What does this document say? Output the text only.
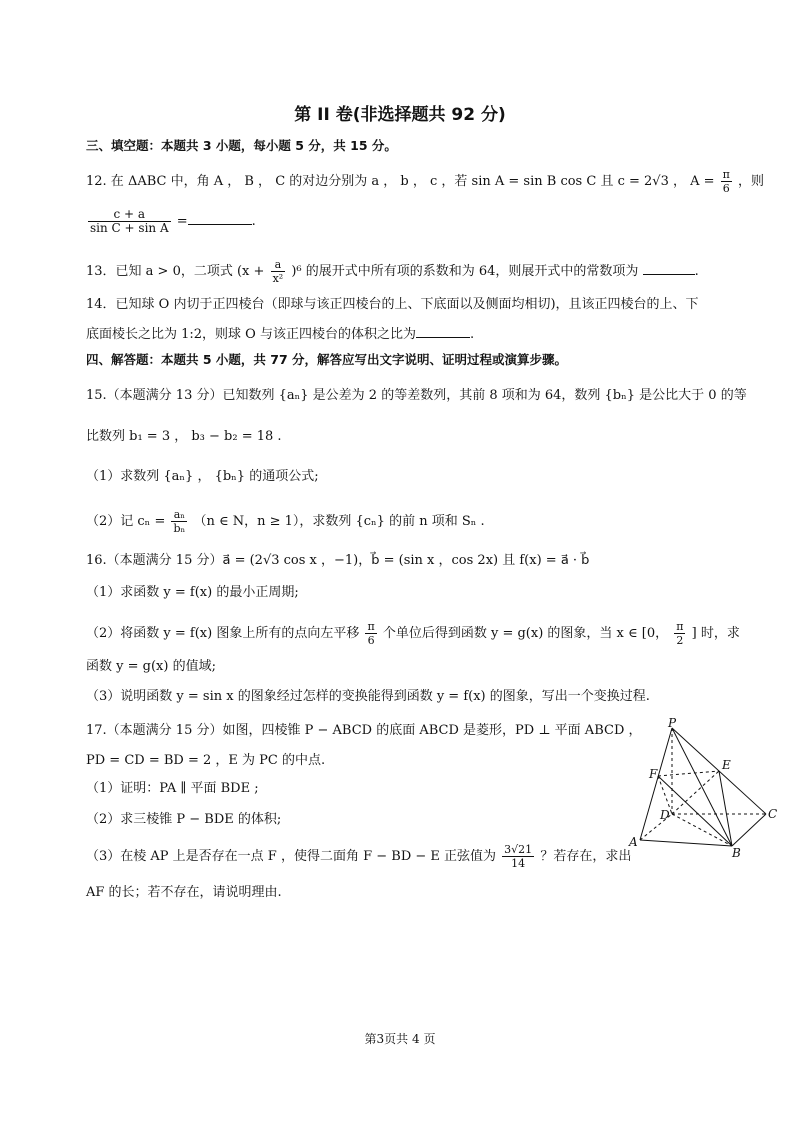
第 II 卷(非选择题共 92 分)
三、填空题：本题共 3 小题，每小题 5 分，共 15 分。
12. 在 ΔABC 中，角 A ， B ， C 的对边分别为 a ， b ， c ，若 sin A = sin B cos C 且 c = 2√3 ， $A = \frac{\pi}{6}$ ，则
$\frac{c + a}{\text{sin C + sin A}}$ =	.
13．已知 a > 0，二项式 $(x + \frac{a}{\text{x²}} )^6$ 的展开式中所有项的系数和为 64，则展开式中的常数项为	.
14．已知球 O 内切于正四棱台（即球与该正四棱台的上、下底面以及侧面均相切)，且该正四棱台的上、下
底面棱长之比为 1:2，则球 O 与该正四棱台的体积之比为	.
四、解答题：本题共 5 小题，共 77 分，解答应写出文字说明、证明过程或演算步骤。
15.（本题满分 13 分）已知数列 {aₙ} 是公差为 2 的等差数列，其前 8 项和为 64，数列 {bₙ} 是公比大于 0 的等
比数列 b₁ = 3 ， b₃ − b₂ = 18 .
（1）求数列 {aₙ} ， {bₙ} 的通项公式;
（2）记 $c_n = \frac{\text{aₙ}}{\text{bₙ}} (n$ ∈ N，n ≥ 1），求数列 {cₙ} 的前 n 项和 Sₙ .
16.（本题满分 15 分）a⃗ = (2√3 cos x ，−1)，b⃗ = (sin x ，cos 2x) 且 f(x) = a⃗ · b⃗
（1）求函数 y = f(x) 的最小正周期;
（2）将函数 y = f(x) 图象上所有的点向左平移 $\frac{\pi}{6}$ 个单位后得到函数 y = g(x) 的图象，当 x ∈ [0， $\frac{\pi}{2}$ ] 时，求
函数 y = g(x) 的值域;
（3）说明函数 y = sin x 的图象经过怎样的变换能得到函数 y = f(x) 的图象，写出一个变换过程.
17.（本题满分 15 分）如图，四棱锥 P − ABCD 的底面 ABCD 是菱形，PD ⊥ 平面 ABCD ，
PD = CD = BD = 2 ，E 为 PC 的中点.
（1）证明：PA ∥ 平面 BDE ;
（2）求三棱锥 P − BDE 的体积;
（3）在棱 AP 上是否存在一点 F ，使得二面角 F − BD − E 正弦值为 $\frac{3√21}{14}$ ？若存在，求出
AF 的长；若不存在，请说明理由.
P
E
F
D	C
A
B
第3页共 4 页
